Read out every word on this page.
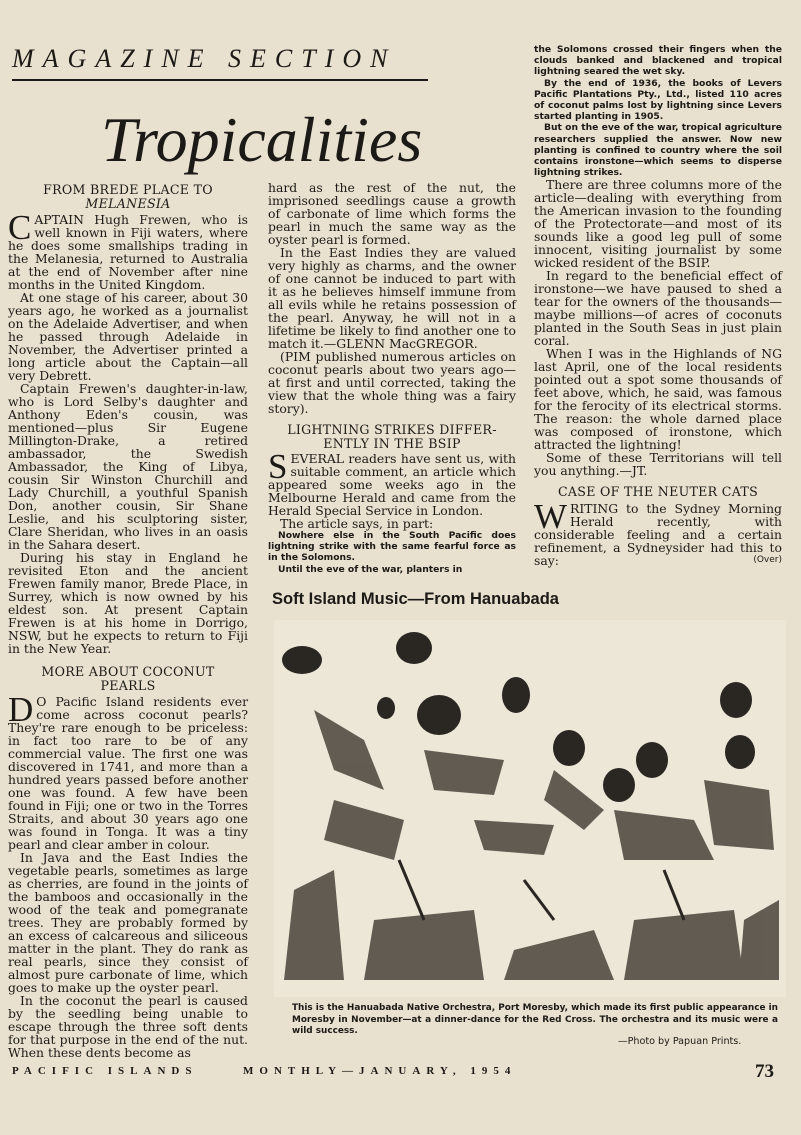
MAGAZINE SECTION
Tropicalities

FROM BREDE PLACE TO
MELANESIA

CAPTAIN Hugh Frewen, who is well known in Fiji waters, where he does some smallships trading in the Melanesia, returned to Australia at the end of November after nine months in the United Kingdom.

At one stage of his career, about 30 years ago, he worked as a journalist on the Adelaide Advertiser, and when he passed through Adelaide in November, the Advertiser printed a long article about the Captain—all very Debrett.

Captain Frewen's daughter-in-law, who is Lord Selby's daughter and Anthony Eden's cousin, was mentioned—plus Sir Eugene Millington-Drake, a retired ambassador, the Swedish Ambassador, the King of Libya, cousin Sir Winston Churchill and Lady Churchill, a youthful Spanish Don, another cousin, Sir Shane Leslie, and his sculptoring sister, Clare Sheridan, who lives in an oasis in the Sahara desert.

During his stay in England he revisited Eton and the ancient Frewen family manor, Brede Place, in Surrey, which is now owned by his eldest son. At present Captain Frewen is at his home in Dorrigo, NSW, but he expects to return to Fiji in the New Year.

MORE ABOUT COCONUT
PEARLS

D O Pacific Island residents ever come across coconut pearls? They're rare enough to be priceless: in fact too rare to be of any commercial value. The first one was discovered in 1741, and more than a hundred years passed before another one was found. A few have been found in Fiji; one or two in the Torres Straits, and about 30 years ago one was found in Tonga. It was a tiny pearl and clear amber in colour.

In Java and the East Indies the vegetable pearls, sometimes as large as cherries, are found in the joints of the bamboos and occasionally in the wood of the teak and pomegranate trees. They are probably formed by an excess of calcareous and siliceous matter in the plant. They do rank as real pearls, since they consist of almost pure carbonate of lime, which goes to make up the oyster pearl.

In the coconut the pearl is caused by the seedling being unable to escape through the three soft dents for that purpose in the end of the nut. When these dents become as

hard as the rest of the nut, the imprisoned seedlings cause a growth of carbonate of lime which forms the pearl in much the same way as the oyster pearl is formed.

In the East Indies they are valued very highly as charms, and the owner of one cannot be induced to part with it as he believes himself immune from all evils while he retains possession of the pearl. Anyway, he will not in a lifetime be likely to find another one to match it.—GLENN MacGREGOR.

(PIM published numerous articles on coconut pearls about two years ago—at first and until corrected, taking the view that the whole thing was a fairy story).

LIGHTNING STRIKES DIFFER-
ENTLY IN THE BSIP

SEVERAL readers have sent us, with suitable comment, an article which appeared some weeks ago in the Melbourne Herald and came from the Herald Special Service in London.

The article says, in part:

Nowhere else in the South Pacific does lightning strike with the same fearful force as in the Solomons.

Until the eve of the war, planters in

the Solomons crossed their fingers when the clouds banked and blackened and tropical lightning seared the wet sky.

By the end of 1936, the books of Levers Pacific Plantations Pty., Ltd., listed 110 acres of coconut palms lost by lightning since Levers started planting in 1905.

But on the eve of the war, tropical agriculture researchers supplied the answer. Now new planting is confined to country where the soil contains ironstone—which seems to disperse lightning strikes.

There are three columns more of the article—dealing with everything from the American invasion to the founding of the Protectorate—and most of its sounds like a good leg pull of some innocent, visiting journalist by some wicked resident of the BSIP.

In regard to the beneficial effect of ironstone—we have paused to shed a tear for the owners of the thousands—maybe millions—of acres of coconuts planted in the South Seas in just plain coral.

When I was in the Highlands of NG last April, one of the local residents pointed out a spot some thousands of feet above, which, he said, was famous for the ferocity of its electrical storms. The reason: the whole darned place was composed of ironstone, which attracted the lightning!

Some of these Territorians will tell you anything.—JT.

CASE OF THE NEUTER CATS

WRITING to the Sydney Morning Herald recently, with considerable feeling and a certain refinement, a Sydneysider had this to say:	(Over)

Soft Island Music—From Hanuabada
This is the Hanuabada Native Orchestra, Port Moresby, which made its first public appearance in Moresby in November—at a dinner-dance for the Red Cross. The orchestra and its music were a wild success.
—Photo by Papuan Prints.
PACIFIC ISLANDS	MONTHLY—JANUARY, 1954	73
